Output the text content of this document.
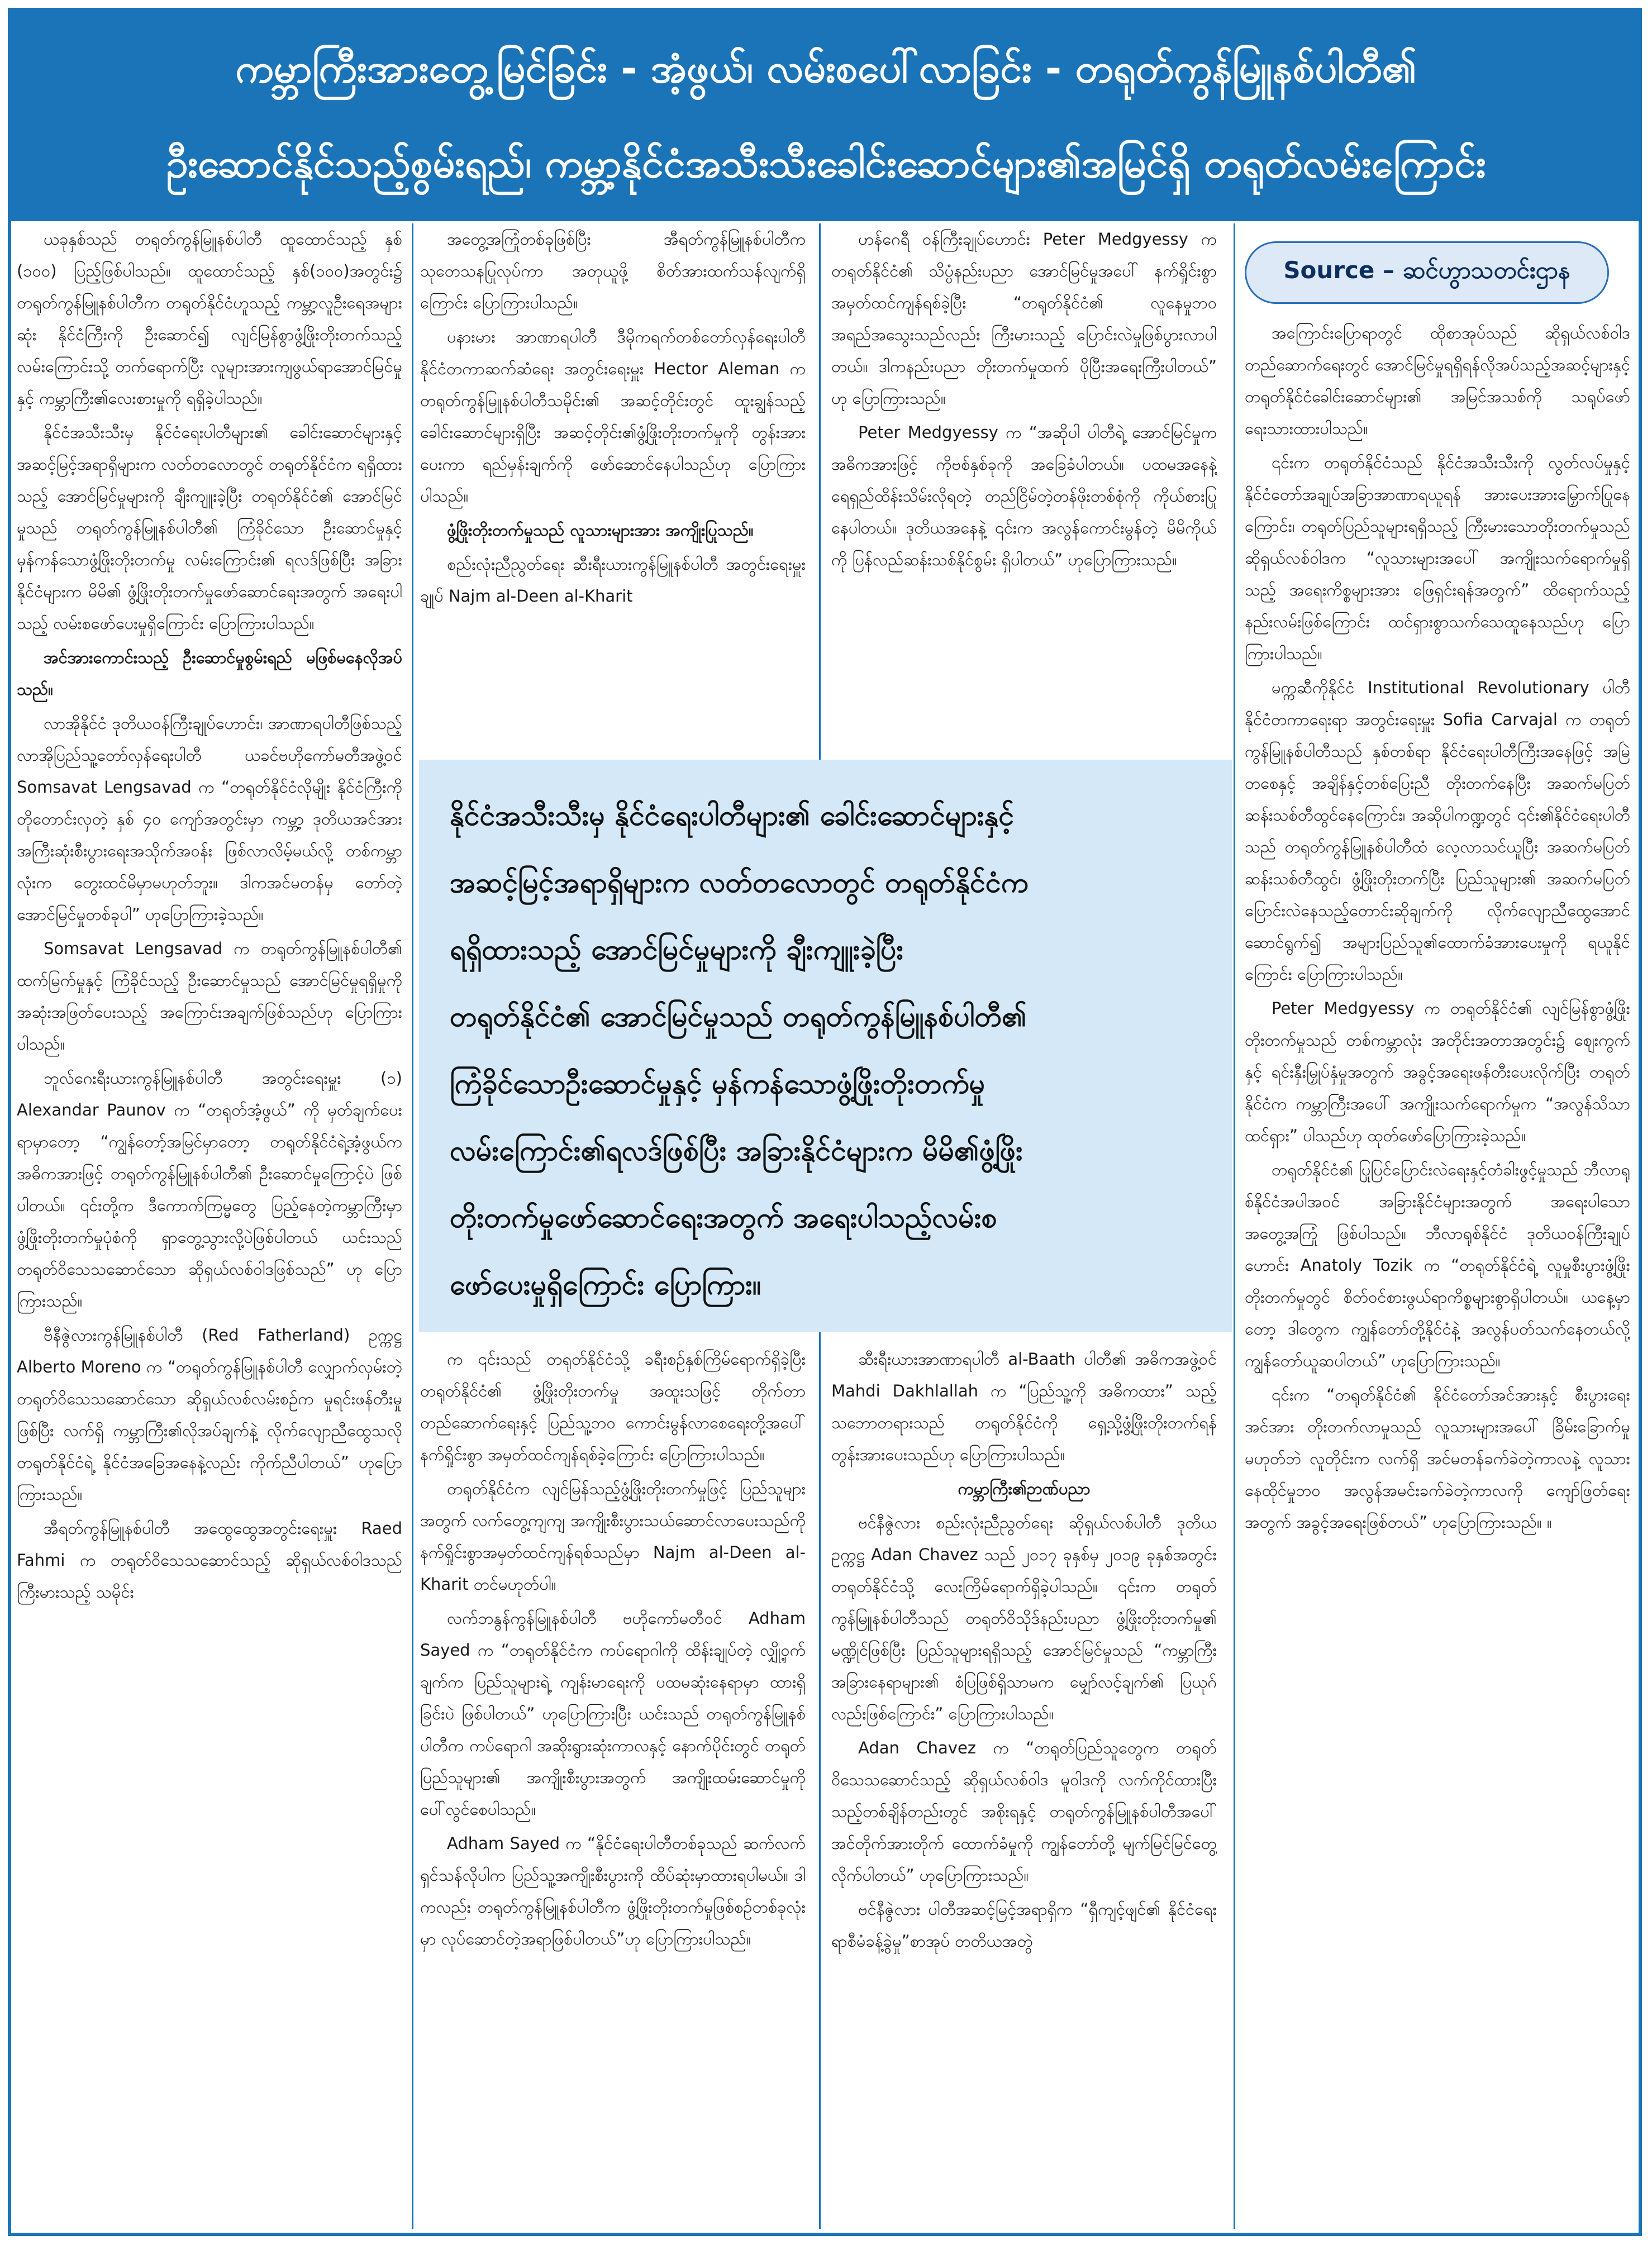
ကမ္ဘာကြီးအားတွေ့မြင်ခြင်း - အံ့ဖွယ်၊ လမ်းစပေါ်လာခြင်း - တရုတ်ကွန်မြူနစ်ပါတီ၏
ဦးဆောင်နိုင်သည့်စွမ်းရည်၊ ကမ္ဘာ့နိုင်ငံအသီးသီးခေါင်းဆောင်များ၏အမြင်ရှိ တရုတ်လမ်းကြောင်း

ယခုနှစ်သည် တရုတ်ကွန်မြူနစ်ပါတီ ထူထောင်သည့် နှစ် (၁၀၀) ပြည့်ဖြစ်ပါသည်။ ထူထောင်သည့် နှစ်(၁၀၀)အတွင်း၌ တရုတ်ကွန်မြူနစ်ပါတီက တရုတ်နိုင်ငံဟူသည့် ကမ္ဘာ့လူဦးရေအများဆုံး နိုင်ငံကြီးကို ဦးဆောင်၍ လျင်မြန်စွာဖွံ့ဖြိုးတိုးတက်သည့်လမ်းကြောင်းသို့ တက်ရောက်ပြီး လူများအားကျဖွယ်ရာအောင်မြင်မှုနှင့် ကမ္ဘာကြီး၏လေးစားမှုကို ရရှိခဲ့ပါသည်။

နိုင်ငံအသီးသီးမှ နိုင်ငံရေးပါတီများ၏ ခေါင်းဆောင်များနှင့် အဆင့်မြင့်အရာရှိများက လတ်တလောတွင် တရုတ်နိုင်ငံက ရရှိထားသည့် အောင်မြင်မှုများကို ချီးကျူးခဲ့ပြီး တရုတ်နိုင်ငံ၏ အောင်မြင်မှုသည် တရုတ်ကွန်မြူနစ်ပါတီ၏ ကြံခိုင်သော ဦးဆောင်မှုနှင့် မှန်ကန်သောဖွံ့ဖြိုးတိုးတက်မှု လမ်းကြောင်း၏ ရလဒ်ဖြစ်ပြီး အခြားနိုင်ငံများက မိမိ၏ ဖွံ့ဖြိုးတိုးတက်မှုဖော်ဆောင်ရေးအတွက် အရေးပါသည့် လမ်းစဖော်ပေးမှုရှိကြောင်း ပြောကြားပါသည်။

အင်အားကောင်းသည့် ဦးဆောင်မှုစွမ်းရည် မဖြစ်မနေလိုအပ်သည်။

လာအိုနိုင်ငံ ဒုတိယဝန်ကြီးချုပ်ဟောင်း၊ အာဏာရပါတီဖြစ်သည့် လာအိုပြည်သူ့တော်လှန်ရေးပါတီ ယခင်ဗဟိုကော်မတီအဖွဲ့ဝင် Somsavat Lengsavad က “တရုတ်နိုင်ငံလိုမျိုး နိုင်ငံကြီးကို တိုတောင်းလှတဲ့ နှစ် ၄၀ ကျော်အတွင်းမှာ ကမ္ဘာ့ ဒုတိယအင်အားအကြီးဆုံးစီးပွားရေးအသိုက်အဝန်း ဖြစ်လာလိမ့်မယ်လို့ တစ်ကမ္ဘာလုံးက တွေးထင်မိမှာမဟုတ်ဘူး။ ဒါကအင်မတန်မှ တော်တဲ့အောင်မြင်မှုတစ်ခုပါ” ဟုပြောကြားခဲ့သည်။

Somsavat Lengsavad က တရုတ်ကွန်မြူနစ်ပါတီ၏ ထက်မြက်မှုနှင့် ကြံခိုင်သည့် ဦးဆောင်မှုသည် အောင်မြင်မှုရရှိမှုကို အဆုံးအဖြတ်ပေးသည့် အကြောင်းအချက်ဖြစ်သည်ဟု ပြောကြားပါသည်။

ဘူလ်ဂေးရီးယားကွန်မြူနစ်ပါတီ အတွင်းရေးမှူး (၁) Alexandar Paunov က “တရုတ်အံ့ဖွယ်” ကို မှတ်ချက်ပေးရာမှာတော့ “ကျွန်တော့်အမြင်မှာတော့ တရုတ်နိုင်ငံရဲ့အံ့ဖွယ်က အဓိကအားဖြင့် တရုတ်ကွန်မြူနစ်ပါတီ၏ ဦးဆောင်မှုကြောင့်ပဲ ဖြစ်ပါတယ်။ ၎င်းတို့က ဒီကောက်ကြမ္မတွေ ပြည့်နေတဲ့ကမ္ဘာကြီးမှာ ဖွံ့ဖြိုးတိုးတက်မှုပုံစံကို ရှာတွေ့သွားလို့ပဲဖြစ်ပါတယ် ယင်းသည် တရုတ်ဝိသေသဆောင်သော ဆိုရှယ်လစ်ဝါဒဖြစ်သည်” ဟု ပြောကြားသည်။

ဗီနီဇွဲလားကွန်မြူနစ်ပါတီ (Red Fatherland) ဥက္ကဋ္ဌ Alberto Moreno က “တရုတ်ကွန်မြူနစ်ပါတီ လျှောက်လှမ်းတဲ့ တရုတ်ဝိသေသဆောင်သော ဆိုရှယ်လစ်လမ်းစဉ်က မှုရင်းဖန်တီးမှုဖြစ်ပြီး လက်ရှိ ကမ္ဘာကြီး၏လိုအပ်ချက်နဲ့ လိုက်လျောညီထွေသလို တရုတ်နိုင်ငံရဲ့ နိုင်ငံအခြေအနေနဲ့လည်း ကိုက်ညီပါတယ်” ဟုပြောကြားသည်။

အီရတ်ကွန်မြူနစ်ပါတီ အထွေထွေအတွင်းရေးမှူး Raed Fahmi က တရုတ်ဝိသေသဆောင်သည့် ဆိုရှယ်လစ်ဝါဒသည် ကြီးမားသည့် သမိုင်း

အတွေ့အကြုံတစ်ခုဖြစ်ပြီး အီရတ်ကွန်မြူနစ်ပါတီက သုတေသနပြုလုပ်ကာ အတုယူဖို့ စိတ်အားထက်သန်လျက်ရှိကြောင်း ပြောကြားပါသည်။

ပနားမား အာဏာရပါတီ ဒီမိုကရက်တစ်တော်လှန်ရေးပါတီ နိုင်ငံတကာဆက်ဆံရေး အတွင်းရေးမှူး Hector Aleman က တရုတ်ကွန်မြူနစ်ပါတီသမိုင်း၏ အဆင့်တိုင်းတွင် ထူးချွန်သည့် ခေါင်းဆောင်များရှိပြီး အဆင့်တိုင်း၏ဖွံ့ဖြိုးတိုးတက်မှုကို တွန်းအားပေးကာ ရည်မှန်းချက်ကို ဖော်ဆောင်နေပါသည်ဟု ပြောကြားပါသည်။

ဖွံ့ဖြိုးတိုးတက်မှုသည် လူသားများအား အကျိုးပြုသည်။

စည်းလုံးညီညွတ်ရေး ဆီးရီးယားကွန်မြူနစ်ပါတီ အတွင်းရေးမှူးချုပ် Najm al-Deen al-Kharit

က ၎င်းသည် တရုတ်နိုင်ငံသို့ ခရီးစဉ်နှစ်ကြိမ်ရောက်ရှိခဲ့ပြီး တရုတ်နိုင်ငံ၏ ဖွံ့ဖြိုးတိုးတက်မှု အထူးသဖြင့် တိုက်တာတည်ဆောက်ရေးနှင့် ပြည်သူ့ဘဝ ကောင်းမွန်လာစေရေးတို့အပေါ် နက်ရှိုင်းစွာ အမှတ်ထင်ကျန်ရစ်ခဲ့ကြောင်း ပြောကြားပါသည်။

တရုတ်နိုင်ငံက လျင်မြန်သည့်ဖွံ့ဖြိုးတိုးတက်မှုဖြင့် ပြည်သူများအတွက် လက်တွေ့ကျကျ အကျိုးစီးပွားသယ်ဆောင်လာပေးသည်ကို နက်ရှိုင်းစွာအမှတ်ထင်ကျန်ရစ်သည်မှာ Najm al-Deen al-Kharit တင်မဟုတ်ပါ။

လက်ဘနွန်ကွန်မြူနစ်ပါတီ ဗဟိုကော်မတီဝင် Adham Sayed က “တရုတ်နိုင်ငံက ကပ်ရောဂါကို ထိန်းချုပ်တဲ့ လျှို့ဝှက်ချက်က ပြည်သူများရဲ့ ကျန်းမာရေးကို ပထမဆုံးနေရာမှာ ထားရှိခြင်းပဲ ဖြစ်ပါတယ်” ဟုပြောကြားပြီး ယင်းသည် တရုတ်ကွန်မြူနစ်ပါတီက ကပ်ရောဂါ အဆိုးရွားဆုံးကာလနှင့် နောက်ပိုင်းတွင် တရုတ်ပြည်သူများ၏ အကျိုးစီးပွားအတွက် အကျိုးထမ်းဆောင်မှုကို ပေါ်လွင်စေပါသည်။

Adham Sayed က “နိုင်ငံရေးပါတီတစ်ခုသည် ဆက်လက်ရှင်သန်လိုပါက ပြည်သူ့အကျိုးစီးပွားကို ထိပ်ဆုံးမှာထားရပါမယ်။ ဒါကလည်း တရုတ်ကွန်မြူနစ်ပါတီက ဖွံ့ဖြိုးတိုးတက်မှုဖြစ်စဉ်တစ်ခုလုံးမှာ လုပ်ဆောင်တဲ့အရာဖြစ်ပါတယ်”ဟု ပြောကြားပါသည်။

ဟန်ဂေရီ ဝန်ကြီးချုပ်ဟောင်း Peter Medgyessy က တရုတ်နိုင်ငံ၏ သိပ္ပံနည်းပညာ အောင်မြင်မှုအပေါ် နက်ရှိုင်းစွာအမှတ်ထင်ကျန်ရစ်ခဲ့ပြီး “တရုတ်နိုင်ငံ၏ လူနေမှုဘဝ အရည်အသွေးသည်လည်း ကြီးမားသည့် ပြောင်းလဲမှုဖြစ်ပွားလာပါတယ်။ ဒါကနည်းပညာ တိုးတက်မှုထက် ပိုပြီးအရေးကြီးပါတယ်” ဟု ပြောကြားသည်။

Peter Medgyessy က “အဆိုပါ ပါတီရဲ့ အောင်မြင်မှုက အဓိကအားဖြင့် ကိုဗစ်နှစ်ခုကို အခြေခံပါတယ်။ ပထမအနေနဲ့ ရေရှည်ထိန်းသိမ်းလိုရတဲ့ တည်ငြိမ်တဲ့တန်ဖိုးတစ်စုံကို ကိုယ်စားပြုနေပါတယ်။ ဒုတိယအနေနဲ့ ၎င်းက အလွန်ကောင်းမွန်တဲ့ မိမိကိုယ်ကို ပြန်လည်ဆန်းသစ်နိုင်စွမ်း ရှိပါတယ်” ဟုပြောကြားသည်။

ဆီးရီးယားအာဏာရပါတီ al-Baath ပါတီ၏ အဓိကအဖွဲ့ဝင် Mahdi Dakhlallah က “ပြည်သူ့ကို အဓိကထား” သည့် သဘောတရားသည် တရုတ်နိုင်ငံကို ရှေ့သို့ဖွံ့ဖြိုးတိုးတက်ရန် တွန်းအားပေးသည်ဟု ပြောကြားပါသည်။

ကမ္ဘာကြီး၏ဉာဏ်ပညာ

ဗင်နီဇွဲလား စည်းလုံးညီညွတ်ရေး ဆိုရှယ်လစ်ပါတီ ဒုတိယဥက္ကဋ္ဌ Adan Chavez သည် ၂၀၁၇ ခုနှစ်မှ ၂၀၁၉ ခုနှစ်အတွင်း တရုတ်နိုင်ငံသို့ လေးကြိမ်ရောက်ရှိခဲ့ပါသည်။ ၎င်းက တရုတ်ကွန်မြူနစ်ပါတီသည် တရုတ်ဝိသိုဒ်နည်းပညာ ဖွံ့ဖြိုးတိုးတက်မှု၏ မဏ္ဍိုင်ဖြစ်ပြီး ပြည်သူများရရှိသည့် အောင်မြင်မှုသည် “ကမ္ဘာကြီး အခြားနေရာများ၏ စံပြဖြစ်ရှိသာမက မျှော်လင့်ချက်၏ ပြယုဂ်လည်းဖြစ်ကြောင်း” ပြောကြားပါသည်။

Adan Chavez က “တရုတ်ပြည်သူတွေက တရုတ်ဝိသေသဆောင်သည့် ဆိုရှယ်လစ်ဝါဒ မူဝါဒကို လက်ကိုင်ထားပြီး သည့်တစ်ချိန်တည်းတွင် အစိုးရနှင့် တရုတ်ကွန်မြူနစ်ပါတီအပေါ် အင်တိုက်အားတိုက် ထောက်ခံမှုကို ကျွန်တော်တို့ မျက်မြင်မြင်တွေ့လိုက်ပါတယ်” ဟုပြောကြားသည်။

ဗင်နီဇွဲလား ပါတီအဆင့်မြင့်အရာရှိက “ရှီကျင့်ဖျင်၏ နိုင်ငံရေးရာစီမံခန့်ခွဲမှု”စာအုပ် တတိယအတွဲ

Source – ဆင်ဟွာသတင်းဌာန

အကြောင်းပြောရာတွင် ထိုစာအုပ်သည် ဆိုရှယ်လစ်ဝါဒတည်ဆောက်ရေးတွင် အောင်မြင်မှုရရှိရန်လိုအပ်သည့်အဆင့်များနှင့် တရုတ်နိုင်ငံခေါင်းဆောင်များ၏ အမြင်အသစ်ကို သရုပ်ဖော်ရေးသားထားပါသည်။

၎င်းက တရုတ်နိုင်ငံသည် နိုင်ငံအသီးသီးကို လွတ်လပ်မှုနှင့် နိုင်ငံတော်အချုပ်အခြာအာဏာရယူရန် အားပေးအားမြှောက်ပြုနေကြောင်း၊ တရုတ်ပြည်သူများရရှိသည့် ကြီးမားသောတိုးတက်မှုသည် ဆိုရှယ်လစ်ဝါဒက “လူသားများအပေါ် အကျိုးသက်ရောက်မှုရှိသည့် အရေးကိစ္စများအား ဖြေရှင်းရန်အတွက်” ထိရောက်သည့်နည်းလမ်းဖြစ်ကြောင်း ထင်ရှားစွာသက်သေထူနေသည်ဟု ပြောကြားပါသည်။

မက္ကဆီကိုနိုင်ငံ Institutional Revolutionary ပါတီ နိုင်ငံတကာရေးရာ အတွင်းရေးမှူး Sofia Carvajal က တရုတ်ကွန်မြူနစ်ပါတီသည် နှစ်တစ်ရာ နိုင်ငံရေးပါတီကြီးအနေဖြင့် အမြဲတစေနှင့် အချိန်နှင့်တစ်ပြေးညီ တိုးတက်နေပြီး အဆက်မပြတ် ဆန်းသစ်တီထွင်နေကြောင်း၊ အဆိုပါကဏ္ဍတွင် ၎င်း၏နိုင်ငံရေးပါတီသည် တရုတ်ကွန်မြူနစ်ပါတီထံ လေ့လာသင်ယူပြီး အဆက်မပြတ် ဆန်းသစ်တီထွင်၊ ဖွံ့ဖြိုးတိုးတက်ပြီး ပြည်သူများ၏ အဆက်မပြတ်ပြောင်းလဲနေသည့်တောင်းဆိုချက်ကို လိုက်လျောညီထွေအောင်ဆောင်ရွက်၍ အများပြည်သူ၏ထောက်ခံအားပေးမှုကို ရယူနိုင်ကြောင်း ပြောကြားပါသည်။

Peter Medgyessy က တရုတ်နိုင်ငံ၏ လျင်မြန်စွာဖွံ့ဖြိုးတိုးတက်မှုသည် တစ်ကမ္ဘာလုံး အတိုင်းအတာအတွင်း၌ ဈေးကွက်နှင့် ရင်းနှီးမြှုပ်နှံမှုအတွက် အခွင့်အရေးဖန်တီးပေးလိုက်ပြီး တရုတ်နိုင်ငံက ကမ္ဘာကြီးအပေါ် အကျိုးသက်ရောက်မှုက “အလွန်သိသာထင်ရှား” ပါသည်ဟု ထုတ်ဖော်ပြောကြားခဲ့သည်။

တရုတ်နိုင်ငံ၏ ပြုပြင်ပြောင်းလဲရေးနှင့်တံခါးဖွင့်မှုသည် ဘီလာရုစ်နိုင်ငံအပါအဝင် အခြားနိုင်ငံများအတွက် အရေးပါသောအတွေ့အကြုံ ဖြစ်ပါသည်။ ဘီလာရုစ်နိုင်ငံ ဒုတိယဝန်ကြီးချုပ်ဟောင်း Anatoly Tozik က “တရုတ်နိုင်ငံရဲ့ လူမှုစီးပွားဖွံ့ဖြိုးတိုးတက်မှုတွင် စိတ်ဝင်စားဖွယ်ရာကိစ္စများစွာရှိပါတယ်။ ယနေ့မှာတော့ ဒါတွေက ကျွန်တော်တို့နိုင်ငံနဲ့ အလွန်ပတ်သက်နေတယ်လို့ ကျွန်တော်ယူဆပါတယ်” ဟုပြောကြားသည်။

၎င်းက “တရုတ်နိုင်ငံ၏ နိုင်ငံတော်အင်အားနှင့် စီးပွားရေးအင်အား တိုးတက်လာမှုသည် လူသားများအပေါ် ခြိမ်းခြောက်မှုမဟုတ်ဘဲ လူတိုင်းက လက်ရှိ အင်မတန်ခက်ခဲတဲ့ကာလနဲ့ လူသားနေထိုင်မှုဘဝ အလွန်အမင်းခက်ခဲတဲ့ကာလကို ကျော်ဖြတ်ရေးအတွက် အခွင့်အရေးဖြစ်တယ်” ဟုပြောကြားသည်။ ။

နိုင်ငံအသီးသီးမှ နိုင်ငံရေးပါတီများ၏ ခေါင်းဆောင်များနှင့်
အဆင့်မြင့်အရာရှိများက လတ်တလောတွင် တရုတ်နိုင်ငံက
ရရှိထားသည့် အောင်မြင်မှုများကို ချီးကျူးခဲ့ပြီး
တရုတ်နိုင်ငံ၏ အောင်မြင်မှုသည် တရုတ်ကွန်မြူနစ်ပါတီ၏
ကြံခိုင်သောဦးဆောင်မှုနှင့် မှန်ကန်သောဖွံ့ဖြိုးတိုးတက်မှု
လမ်းကြောင်း၏ရလဒ်ဖြစ်ပြီး အခြားနိုင်ငံများက မိမိ၏ဖွံ့ဖြိုး
တိုးတက်မှုဖော်ဆောင်ရေးအတွက် အရေးပါသည့်လမ်းစ
ဖော်ပေးမှုရှိကြောင်း ပြောကြား။
